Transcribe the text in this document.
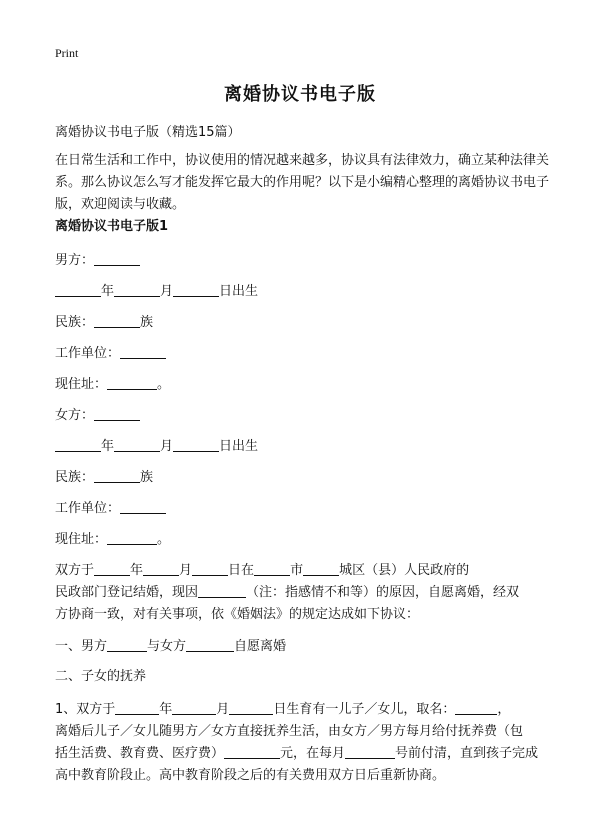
Print
离婚协议书电子版
离婚协议书电子版（精选15篇）
在日常生活和工作中，协议使用的情况越来越多，协议具有法律效力，确立某种法律关系。那么协议怎么写才能发挥它最大的作用呢？以下是小编精心整理的离婚协议书电子版，欢迎阅读与收藏。
离婚协议书电子版1
男方：
年	月	日出生
民族：	族
工作单位：
现住址：	。
女方：
年	月	日出生
民族：	族
工作单位：
现住址：	。
双方于	年	月	日在	市	城区（县）人民政府的
民政部门登记结婚，现因	（注：指感情不和等）的原因，自愿离婚，经双
方协商一致，对有关事项，依《婚姻法》的规定达成如下协议：
一、男方	与女方	自愿离婚
二、子女的抚养
1、双方于	年	月	日生育有一儿子／女儿，取名：	，
离婚后儿子／女儿随男方／女方直接抚养生活，由女方／男方每月给付抚养费（包
括生活费、教育费、医疗费）	元，在每月	号前付清，直到孩子完成
高中教育阶段止。高中教育阶段之后的有关费用双方日后重新协商。
